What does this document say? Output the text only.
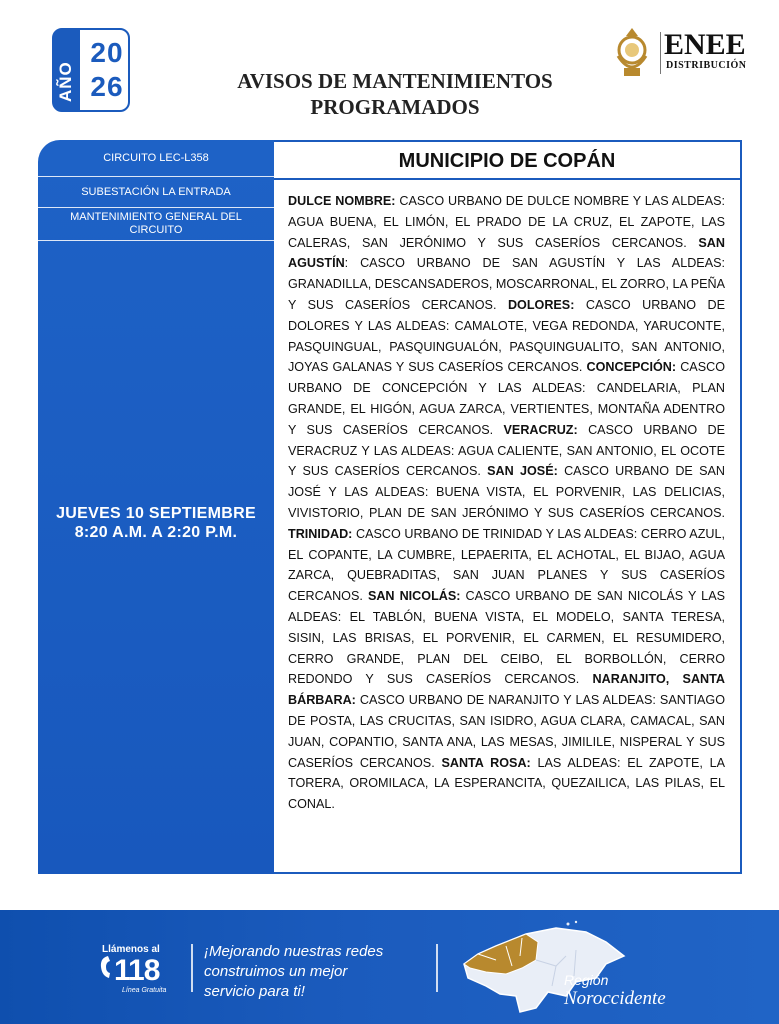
AÑO
20
26	AVISOS DE MANTENIMIENTOS
PROGRAMADOS
ENEE
DISTRIBUCIÓN
CIRCUITO LEC-L358
SUBESTACIÓN LA ENTRADA
MANTENIMIENTO GENERAL DEL CIRCUITO
JUEVES 10 SEPTIEMBRE
8:20 A.M. A 2:20 P.M.
MUNICIPIO DE COPÁN
DULCE NOMBRE: CASCO URBANO DE DULCE NOMBRE Y LAS ALDEAS: AGUA BUENA, EL LIMÓN, EL PRADO DE LA CRUZ, EL ZAPOTE, LAS CALERAS, SAN JERÓNIMO Y SUS CASERÍOS CERCANOS. SAN AGUSTÍN: CASCO URBANO DE SAN AGUSTÍN Y LAS ALDEAS: GRANADILLA, DESCANSADEROS, MOSCARRONAL, EL ZORRO, LA PEÑA Y SUS CASERÍOS CERCANOS. DOLORES: CASCO URBANO DE DOLORES Y LAS ALDEAS: CAMALOTE, VEGA REDONDA, YARUCONTE, PASQUINGUAL, PASQUINGUALÓN, PASQUINGUALITO, SAN ANTONIO, JOYAS GALANAS Y SUS CASERÍOS CERCANOS. CONCEPCIÓN: CASCO URBANO DE CONCEPCIÓN Y LAS ALDEAS: CANDELARIA, PLAN GRANDE, EL HIGÓN, AGUA ZARCA, VERTIENTES, MONTAÑA ADENTRO Y SUS CASERÍOS CERCANOS. VERACRUZ: CASCO URBANO DE VERACRUZ Y LAS ALDEAS: AGUA CALIENTE, SAN ANTONIO, EL OCOTE Y SUS CASERÍOS CERCANOS. SAN JOSÉ: CASCO URBANO DE SAN JOSÉ Y LAS ALDEAS: BUENA VISTA, EL PORVENIR, LAS DELICIAS, VIVISTORIO, PLAN DE SAN JERÓNIMO Y SUS CASERÍOS CERCANOS. TRINIDAD: CASCO URBANO DE TRINIDAD Y LAS ALDEAS: CERRO AZUL, EL COPANTE, LA CUMBRE, LEPAERITA, EL ACHOTAL, EL BIJAO, AGUA ZARCA, QUEBRADITAS, SAN JUAN PLANES Y SUS CASERÍOS CERCANOS. SAN NICOLÁS: CASCO URBANO DE SAN NICOLÁS Y LAS ALDEAS: EL TABLÓN, BUENA VISTA, EL MODELO, SANTA TERESA, SISIN, LAS BRISAS, EL PORVENIR, EL CARMEN, EL RESUMIDERO, CERRO GRANDE, PLAN DEL CEIBO, EL BORBOLLÓN, CERRO REDONDO Y SUS CASERÍOS CERCANOS. NARANJITO, SANTA BÁRBARA: CASCO URBANO DE NARANJITO Y LAS ALDEAS: SANTIAGO DE POSTA, LAS CRUCITAS, SAN ISIDRO, AGUA CLARA, CAMACAL, SAN JUAN, COPANTIO, SANTA ANA, LAS MESAS, JIMILILE, NISPERAL Y SUS CASERÍOS CERCANOS. SANTA ROSA: LAS ALDEAS: EL ZAPOTE, LA TORERA, OROMILACA, LA ESPERANCITA, QUEZAILICA, LAS PILAS, EL CONAL.
Llámenos al
118
Línea Gratuita
¡Mejorando nuestras redes
construimos un mejor
servicio para ti!
Región
Noroccidente
